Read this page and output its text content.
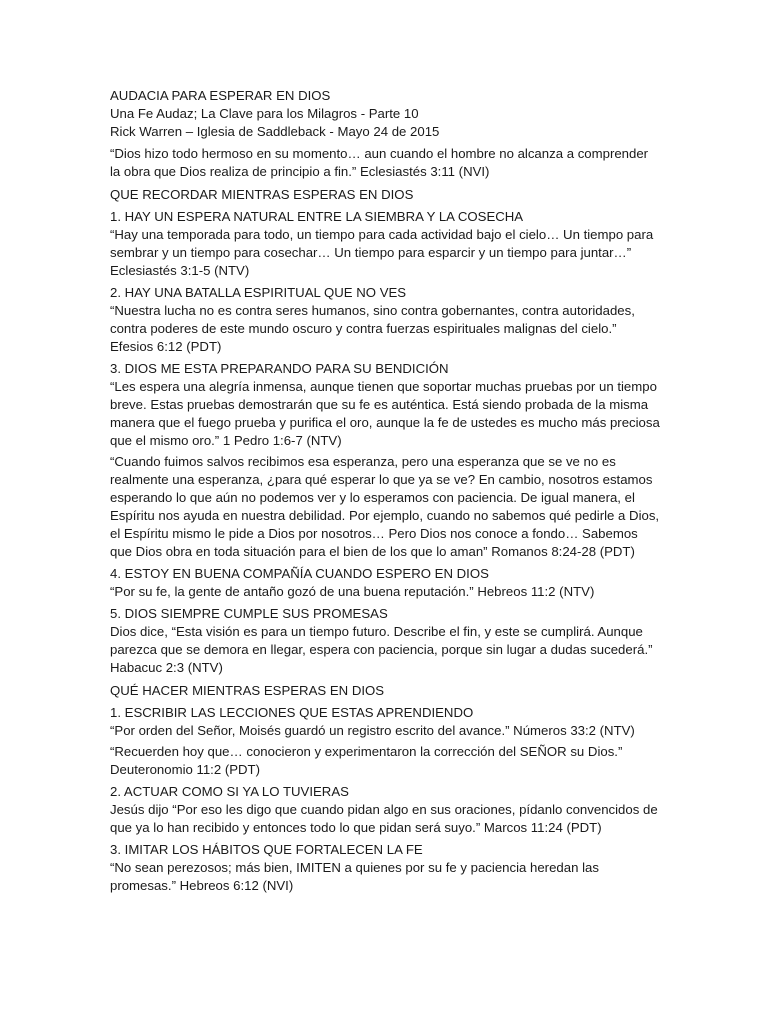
AUDACIA PARA ESPERAR EN DIOS
Una Fe Audaz; La Clave para los Milagros - Parte 10
Rick Warren – Iglesia de Saddleback - Mayo 24 de 2015
“Dios hizo todo hermoso en su momento… aun cuando el hombre no alcanza a comprender la obra que Dios realiza de principio a fin.” Eclesiastés 3:11 (NVI)
QUE RECORDAR MIENTRAS ESPERAS EN DIOS
1. HAY UN ESPERA NATURAL ENTRE LA SIEMBRA Y LA COSECHA
“Hay una temporada para todo, un tiempo para cada actividad bajo el cielo… Un tiempo para sembrar y un tiempo para cosechar… Un tiempo para esparcir y un tiempo para juntar…” Eclesiastés 3:1-5 (NTV)
2. HAY UNA BATALLA ESPIRITUAL QUE NO VES
“Nuestra lucha no es contra seres humanos, sino contra gobernantes, contra autoridades, contra poderes de este mundo oscuro y contra fuerzas espirituales malignas del cielo.” Efesios 6:12 (PDT)
3. DIOS ME ESTA PREPARANDO PARA SU BENDICIÓN
“Les espera una alegría inmensa, aunque tienen que soportar muchas pruebas por un tiempo breve. Estas pruebas demostrarán que su fe es auténtica. Está siendo probada de la misma manera que el fuego prueba y purifica el oro, aunque la fe de ustedes es mucho más preciosa que el mismo oro.” 1 Pedro 1:6-7 (NTV)
“Cuando fuimos salvos recibimos esa esperanza, pero una esperanza que se ve no es realmente una esperanza, ¿para qué esperar lo que ya se ve? En cambio, nosotros estamos esperando lo que aún no podemos ver y lo esperamos con paciencia. De igual manera, el Espíritu nos ayuda en nuestra debilidad. Por ejemplo, cuando no sabemos qué pedirle a Dios, el Espíritu mismo le pide a Dios por nosotros… Pero Dios nos conoce a fondo… Sabemos que Dios obra en toda situación para el bien de los que lo aman” Romanos 8:24-28 (PDT)
4. ESTOY EN BUENA COMPAÑÍA CUANDO ESPERO EN DIOS
“Por su fe, la gente de antaño gozó de una buena reputación.” Hebreos 11:2 (NTV)
5. DIOS SIEMPRE CUMPLE SUS PROMESAS
Dios dice, “Esta visión es para un tiempo futuro. Describe el fin, y este se cumplirá. Aunque parezca que se demora en llegar, espera con paciencia, porque sin lugar a dudas sucederá.” Habacuc 2:3 (NTV)
QUÉ HACER MIENTRAS ESPERAS EN DIOS
1. ESCRIBIR LAS LECCIONES QUE ESTAS APRENDIENDO
“Por orden del Señor, Moisés guardó un registro escrito del avance.” Números 33:2 (NTV)
“Recuerden hoy que… conocieron y experimentaron la corrección del SEÑOR su Dios.” Deuteronomio 11:2 (PDT)
2. ACTUAR COMO SI YA LO TUVIERAS
Jesús dijo “Por eso les digo que cuando pidan algo en sus oraciones, pídanlo convencidos de que ya lo han recibido y entonces todo lo que pidan será suyo.” Marcos 11:24 (PDT)
3. IMITAR LOS HÁBITOS QUE FORTALECEN LA FE
“No sean perezosos; más bien, IMITEN a quienes por su fe y paciencia heredan las promesas.” Hebreos 6:12 (NVI)
